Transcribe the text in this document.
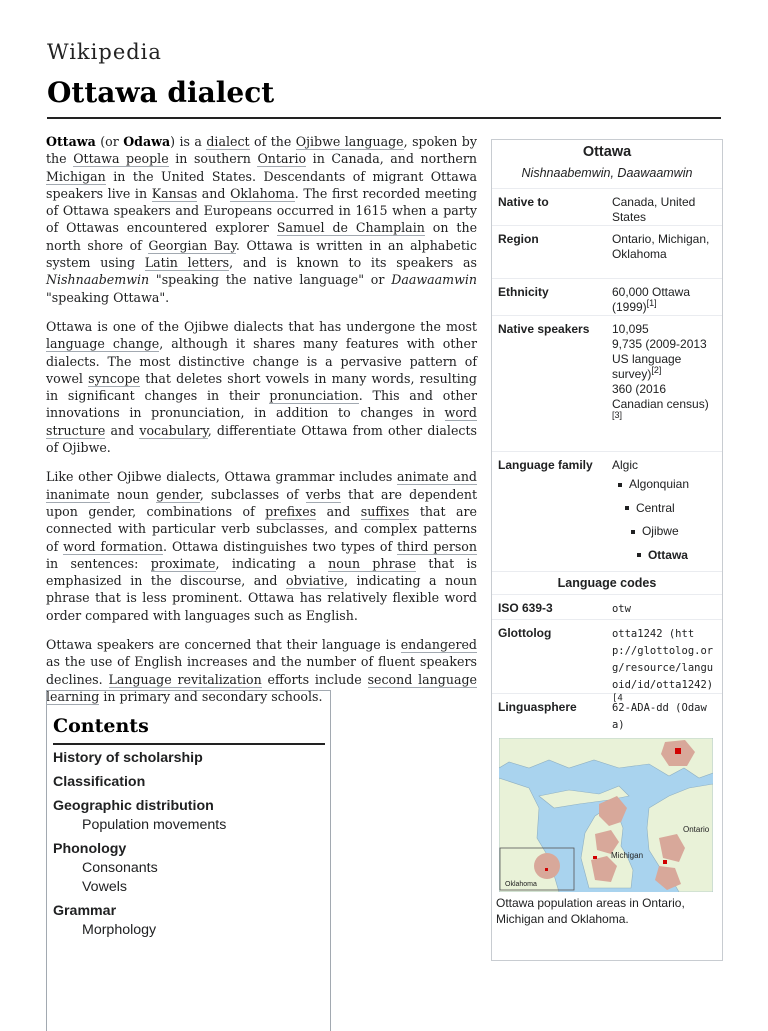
Wikipedia
Ottawa dialect

Ottawa (or Odawa) is a dialect of the Ojibwe language, spoken by the Ottawa people in southern Ontario in Canada, and northern Michigan in the United States. Descendants of migrant Ottawa speakers live in Kansas and Oklahoma. The first recorded meeting of Ottawa speakers and Europeans occurred in 1615 when a party of Ottawas encountered explorer Samuel de Champlain on the north shore of Georgian Bay. Ottawa is written in an alphabetic system using Latin letters, and is known to its speakers as Nishnaabemwin "speaking the native language" or Daawaamwin "speaking Ottawa".

Ottawa is one of the Ojibwe dialects that has undergone the most language change, although it shares many features with other dialects. The most distinctive change is a pervasive pattern of vowel syncope that deletes short vowels in many words, resulting in significant changes in their pronunciation. This and other innovations in pronunciation, in addition to changes in word structure and vocabulary, differentiate Ottawa from other dialects of Ojibwe.

Like other Ojibwe dialects, Ottawa grammar includes animate and inanimate noun gender, subclasses of verbs that are dependent upon gender, combinations of prefixes and suffixes that are connected with particular verb subclasses, and complex patterns of word formation. Ottawa distinguishes two types of third person in sentences: proximate, indicating a noun phrase that is emphasized in the discourse, and obviative, indicating a noun phrase that is less prominent. Ottawa has relatively flexible word order compared with languages such as English.

Ottawa speakers are concerned that their language is endangered as the use of English increases and the number of fluent speakers declines. Language revitalization efforts include second language learning in primary and secondary schools.

Ottawa
Nishnaabemwin, Daawaamwin
Native to	Canada, United States
Region	Ontario, Michigan, Oklahoma
Ethnicity	60,000 Ottawa (1999)[1]
Native speakers	10,095
9,735 (2009-2013 US language survey)[2]
360 (2016 Canadian census)[3]
Language family	Algic
Algonquian
Central
Ojibwe
Ottawa
Language codes
ISO 639-3	otw
Glottolog	otta1242 (http://glottolog.org/resource/languoid/id/otta1242)$^{[4}$
Linguasphere	62-ADA-dd (Odawa)
Ontario
Michigan
Oklahoma
Ottawa population areas in Ontario, Michigan and Oklahoma.
Contents
History of scholarship
Classification
Geographic distribution
Population movements
Phonology
Consonants
Vowels
Grammar
Morphology
